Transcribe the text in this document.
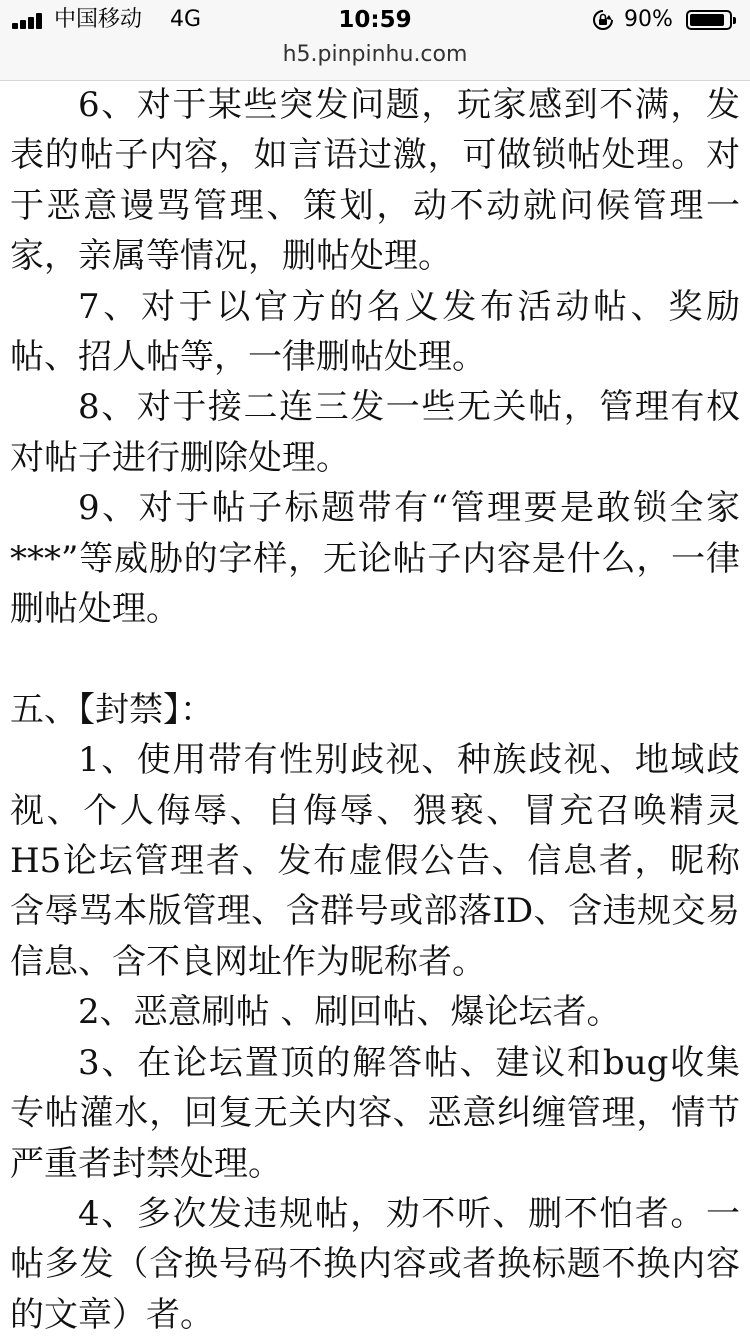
中国移动 4G	10:59	90%
h5.pinpinhu.com

6、对于某些突发问题，玩家感到不满，发表的帖子内容，如言语过激，可做锁帖处理。对于恶意谩骂管理、策划，动不动就问候管理一家，亲属等情况，删帖处理。

7、对于以官方的名义发布活动帖、奖励帖、招人帖等，一律删帖处理。

8、对于接二连三发一些无关帖，管理有权对帖子进行删除处理。

9、对于帖子标题带有“管理要是敢锁全家***”等威胁的字样，无论帖子内容是什么，一律删帖处理。

五、【封禁】：

1、使用带有性别歧视、种族歧视、地域歧视、个人侮辱、自侮辱、猥亵、冒充召唤精灵H5论坛管理者、发布虚假公告、信息者，昵称含辱骂本版管理、含群号或部落ID、含违规交易信息、含不良网址作为昵称者。

2、恶意刷帖 、刷回帖、爆论坛者。

3、在论坛置顶的解答帖、建议和bug收集专帖灌水，回复无关内容、恶意纠缠管理，情节严重者封禁处理。

4、多次发违规帖，劝不听、删不怕者。一帖多发（含换号码不换内容或者换标题不换内容的文章）者。
